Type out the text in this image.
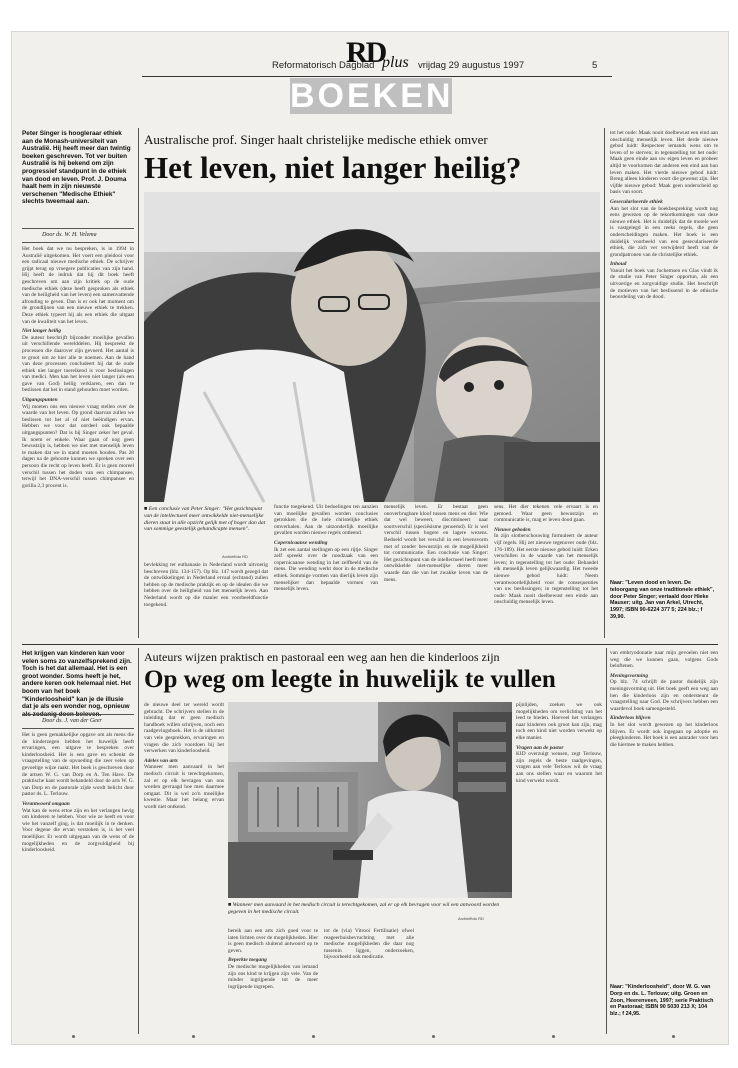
RD
plus
Reformatorisch Dagblad	vrijdag 29 augustus 1997	5
BOEKEN
Peter Singer is hoogleraar ethiek aan de Monash-universiteit van Australië. Hij heeft meer dan twintig boeken geschreven. Tot ver buiten Australië is hij bekend om zijn progressief standpunt in de ethiek van dood en leven. Prof. J. Douma haalt hem in zijn nieuwste verschenen "Medische Ethiek" slechts tweemaal aan.
Door ds. W. H. Velema
Het boek dat we nu bespreken, is in 1994 in Australië uitgekomen. Het voert een pleidooi voor een radicaal nieuwe medische ethiek. De schrijver grijpt terug op vroegere publicaties van zijn hand. Hij heeft de indruk dat hij dit boek heeft geschreven om aan zijn kritiek op de oude medische ethiek (deze heeft gesproken als ethiek van de heiligheid van het leven) een samenvattende afronding te geven. Dan is er ook het moment om de grondlijnen van een nieuwe ethiek te trekken. Deze ethiek typeert hij als een ethiek die uitgaat van de kwaliteit van het leven.
Niet langer heilig
De auteur beschrijft bijzonder moeilijke gevallen uit verschillende werelddelen. Hij bespreekt de processen die daarover zijn gevoerd. Het aantal is te groot om ze hier alle te noemen. Aan de hand van deze processen concludeert hij dat de oude ethiek niet langer toereikend is voor beslissingen van medici. Men kan het leven niet langer (als een gave van God) heilig verklaren, een dan te beslissen dat het in stand gehouden moet worden.
Uitgangspunten
Wij moeten ons een nieuwe vraag stellen over de waarde van het leven. Op grond daarvan zullen we beslissen tot het al of niet beëindigen ervan. Hebben we voor dat oordeel ook bepaalde uitgangspunten? Dat is bij Singer zeker het geval. Ik noem er enkele. Waar gaan of nog geen bewustzijn is, hebben we niet met menselijk leven te maken dat we in stand moeten houden. Pas 28 dagen na de geboorte kunnen we spreken over een persoon die recht op leven heeft. Er is geen moreel verschil tussen het doden van een chimpansee, terwijl het DNA-verschil tussen chimpansee en gorilla 2,3 procent is.
Australische prof. Singer haalt christelijke medische ethiek omver
Het leven, niet langer heilig?
■ Een conclusie van Peter Singer: "Het gezichtspunt van de intellectueel meer ontwikkelde niet-menselijke dieren staat in alle opzicht gelijk met of hoger dan dat van sommige geestelijk gehandicapte mensen".
Archieffoto RD
bevlekking ter euthanasie in Nederland wordt uitvoerig beschreven (blz. 134-157). Op blz. 147 wordt gezegd dat de ontwikkelingen in Nederland ervaal (echtand) zullen hebben op de medische praktijk en op de idealen die we hebben over de heiligheid van het menselijk leven. Aan Nederland wordt op die manier een voorbeeldfunctie toegekend.
functie toegekend. Uit bedoelingen ten aanzien van moeilijke gevallen worden conclusies getrokken die de hele christelijke ethiek omverhalen. Aan de uitzonderlijk moeilijke gevallen worden nieuwe regels ontleend.
Copernicaanse wending
Ik zet een aantal stellingen op een rijtje. Singer zelf spreekt over de noodzaak van een copernicaanse wending in het zelfbeeld van de mens. Die wending werkt door in de medische ethiek. Sommige vormen van dierlijk leven zijn menselijker dan bepaalde vormen van menselijk leven.
menselijk leven. Er bestaat geen onoverbrugbare kloof tussen mens en dier. Wie dat wel beweert, discrimineert naar soortverschil (speciësisme genoemd). Er is wel verschil tussen hogere en lagere wezens. Bedoeld wordt het verschil in een levensvorm met of zonder bewustzijn en de mogelijkheid tot communicatie. Een conclusie van Singer: Het gezichtspunt van de intellectueel heeft meer ontwikkelde niet-menselijke dieren meer waarde dan die van het zwakke leven van de mens.
sens. Het dier tekenen vele ervaart is en gemoed. Waar geen bewustzijn en communicatie is, mag er leven dood gaan.
Nieuwe geboden
In zijn slotberschouwing formuleert de auteur vijf regels. Hij zet nieuwe tegenover oude (blz. 176-189). Het eerste nieuwe gebod luidt: Erken verschillen in de waarde van het menselijk leven; in tegenstelling tot het oude: Behandel elk menselijk leven gelijkwaardig. Het tweede nieuwe gebod luidt: Neem verantwoordelijkheid voor de consequenties van uw beslissingen; in tegenstelling tot het oude: Maak nooit doelbewust een einde aan onschuldig menselijk leven.
tot het oude: Maak nooit doelbewust een eind aan onschuldig menselijk leven. Het derde nieuwe gebod luidt: Respecteer iemands wens om te leven of te sterven; in tegenstelling tot het oude: Maak geen einde aan uw eigen leven en probeer altijd te voorkomen dat anderen een eind aan hun leven maken. Het vierde nieuwe gebod luidt: Breng alleen kinderen voort die gewenst zijn. Het vijfde nieuwe gebod: Maak geen onderscheid op basis van soort.
Geseculariseerde ethiek
Aan het slot van de boekbespreking wordt nog eens gewezen op de tekortkomingen van deze nieuwe ethiek. Het is duidelijk dat de morele wet is vastgelegd in een reeks regels, die geen onderscheidingen maken. Het boek is een duidelijk voorbeeld van een geseculariseerde ethiek, die zich ver verwijderd heeft van de grondpatronen van de christelijke ethiek.
Inhoud
Vanuit het boek van Jochemsen en Glas vindt ik de studie van Peter Singer opportun, als een uitvoerige en zorgvuldige studie. Het beschrijft de motieven van het beslissend in de ethische beoordeling van de dood.
Naar: "Leven dood en leven. De teloorgang van onze traditionele ethiek", door Peter Singer; vertaald door Hieke Mauser; uitg. Jan van Arkel, Utrecht, 1997; ISBN 90-6224 377 5; 224 blz.; f 39,90.
Het krijgen van kinderen kan voor velen soms zo vanzelfsprekend zijn. Toch is het dat allemaal. Het is een groot wonder. Soms heeft je het, andere keren ook helemaal niet. Het boom van het boek "Kinderloosheid" kan je de illusie dat je als een wonder nog, opnieuw als zodanig doen beleven.
Door ds. J. van der Geer
Het is geen gemakkelijke opgave om als mens die de kinderzegen hebben het huwelijk heeft ervaringen, een uitgave te bespreken over kinderloosheid. Het is een gave en schenkt de vraagstelling van de opvoeding die zeer velen op gevoelige wijze raakt. Het boek is geschreven door de artsen W. G. van Dorp en A. Ten Have. De praktische kant wordt behandeld door de arts W. G. van Dorp en de pastorale zijde wordt belicht door pastor ds. L. Terlouw.
Verantwoord omgaan
Wat kan de wens ertoe zijn en het verlangen hevig om kinderen te hebben. Voor wie ze heeft en voor wie het vanzelf ging, is dat moeilijk in te denken. Voor degene die ervan verstoken is, is het veel moeilijker. Er wordt uitgegaan van de wens of de mogelijkheden en de zorgvuldigheid bij kinderloosheid.
Auteurs wijzen praktisch en pastoraal een weg aan hen die kinderloos zijn
Op weg om leegte in huwelijk te vullen
de nieuwe deel ter wereld wordt gebracht. De schrijvers stellen in de inleiding dat er geen medisch handboek willen schrijven, noch een raadgevingsboek. Het is de uitkomst van vele gesprekken, ervaringen en vragen die zich voordoen bij het verwerken van kinderloosheid.
Adeles van arts
Wanneer men aanvaard in het medisch circuit is terechtgekomen, zal er op elk bevragen van ons worden gevraagd hoe men daarmee omgaat. Dit is wel zo'n moeilijke kwestie. Maar het belang ervan wordt niet ontkend.
■ Wanneer men aanvaard in het medisch circuit is terechtgekomen, zal er op elk bevragen voor wil een antwoord worden gegeven in het medische circuit.
Archieffoto RD
bereik aan een arts zich goed voor te laten lichten over de mogelijkheden. Hier is geen medisch sluitend antwoord op te geven.
Beperkte toegang
De medische mogelijkheden van iemand zijn ons kind te krijgen zijn vele. Van de minder ingrijpende tot de meer ingrijpende ingrepen.
tot de (via) Vitrooi Fertilisatie) ofwel reageerbuisbevruchting met alle medische mogelijkheden die daar nog tussenin liggen, onderzoeken, bijvoorbeeld ook medicatie.
pijnlijden, zoeken we ook mogelijkheden om verlichting van het leed te bieden. Hoeveel het verlangen naar kinderen ook groot kan zijn, mag toch een kind niet worden verwekt op elke manier.
Vragen aan de pastor
KID overzuigt wensen, zegt Terlouw, zijn regels de beste raadgevingen, vragen aan vele Terlouw wil de vraag aan ons stellen waar en waarom het kind verwekt wordt.
van embryodonatie naar mijn gevoelen niet een weg die we kunnen gaan, volgens Gods beloftenen.
Meningsvorming
Op blz. 74 schrijft de pastor duidelijk zijn meningsvorming uit. Het boek geeft een weg aan hen die kinderloos zijn en ondersteunt de vraagstelling naar God. De schrijvers hebben een waardevol boek samengesteld.
Kinderloos blijven
In het slot wordt gewezen op het kinderloos blijven. Er wordt ook ingegaan op adoptie en pleegkinderen. Het boek is een aanrader voor hen die hiermee te maken hebben.
Naar: "Kinderloosheid", door W. G. van Dorp en ds. L. Terlouw; uitg. Groen en Zoon, Heerenveen, 1997; serie Praktisch en Pastoraal; ISBN 90 5030 213 X; 104 blz.; f 24,95.
